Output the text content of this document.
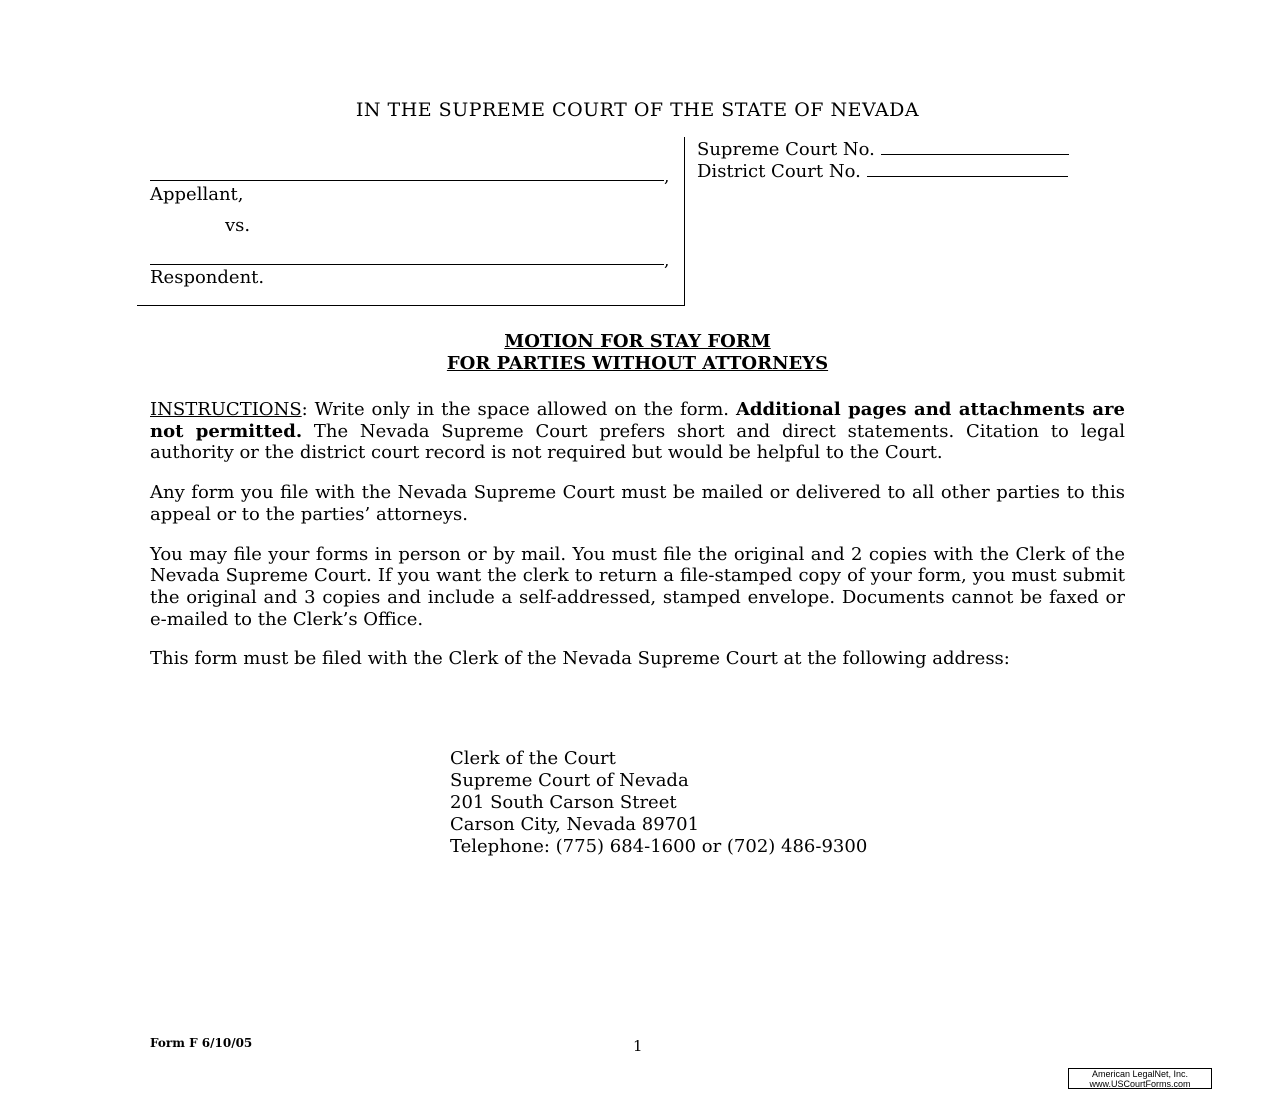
IN THE SUPREME COURT OF THE STATE OF NEVADA
,
Appellant,
vs.
,
Respondent.
Supreme Court No.
District Court No.
MOTION FOR STAY FORM
FOR PARTIES WITHOUT ATTORNEYS

INSTRUCTIONS: Write only in the space allowed on the form. Additional pages and attachments are not permitted. The Nevada Supreme Court prefers short and direct statements. Citation to legal authority or the district court record is not required but would be helpful to the Court.

Any form you file with the Nevada Supreme Court must be mailed or delivered to all other parties to this appeal or to the parties’ attorneys.

You may file your forms in person or by mail. You must file the original and 2 copies with the Clerk of the Nevada Supreme Court. If you want the clerk to return a file-stamped copy of your form, you must submit the original and 3 copies and include a self-addressed, stamped envelope. Documents cannot be faxed or e-mailed to the Clerk’s Office.

This form must be filed with the Clerk of the Nevada Supreme Court at the following address:

Clerk of the Court
Supreme Court of Nevada
201 South Carson Street
Carson City, Nevada 89701
Telephone: (775) 684-1600 or (702) 486-9300
Form F 6/10/05	1
American LegalNet, Inc.
www.USCourtForms.com
